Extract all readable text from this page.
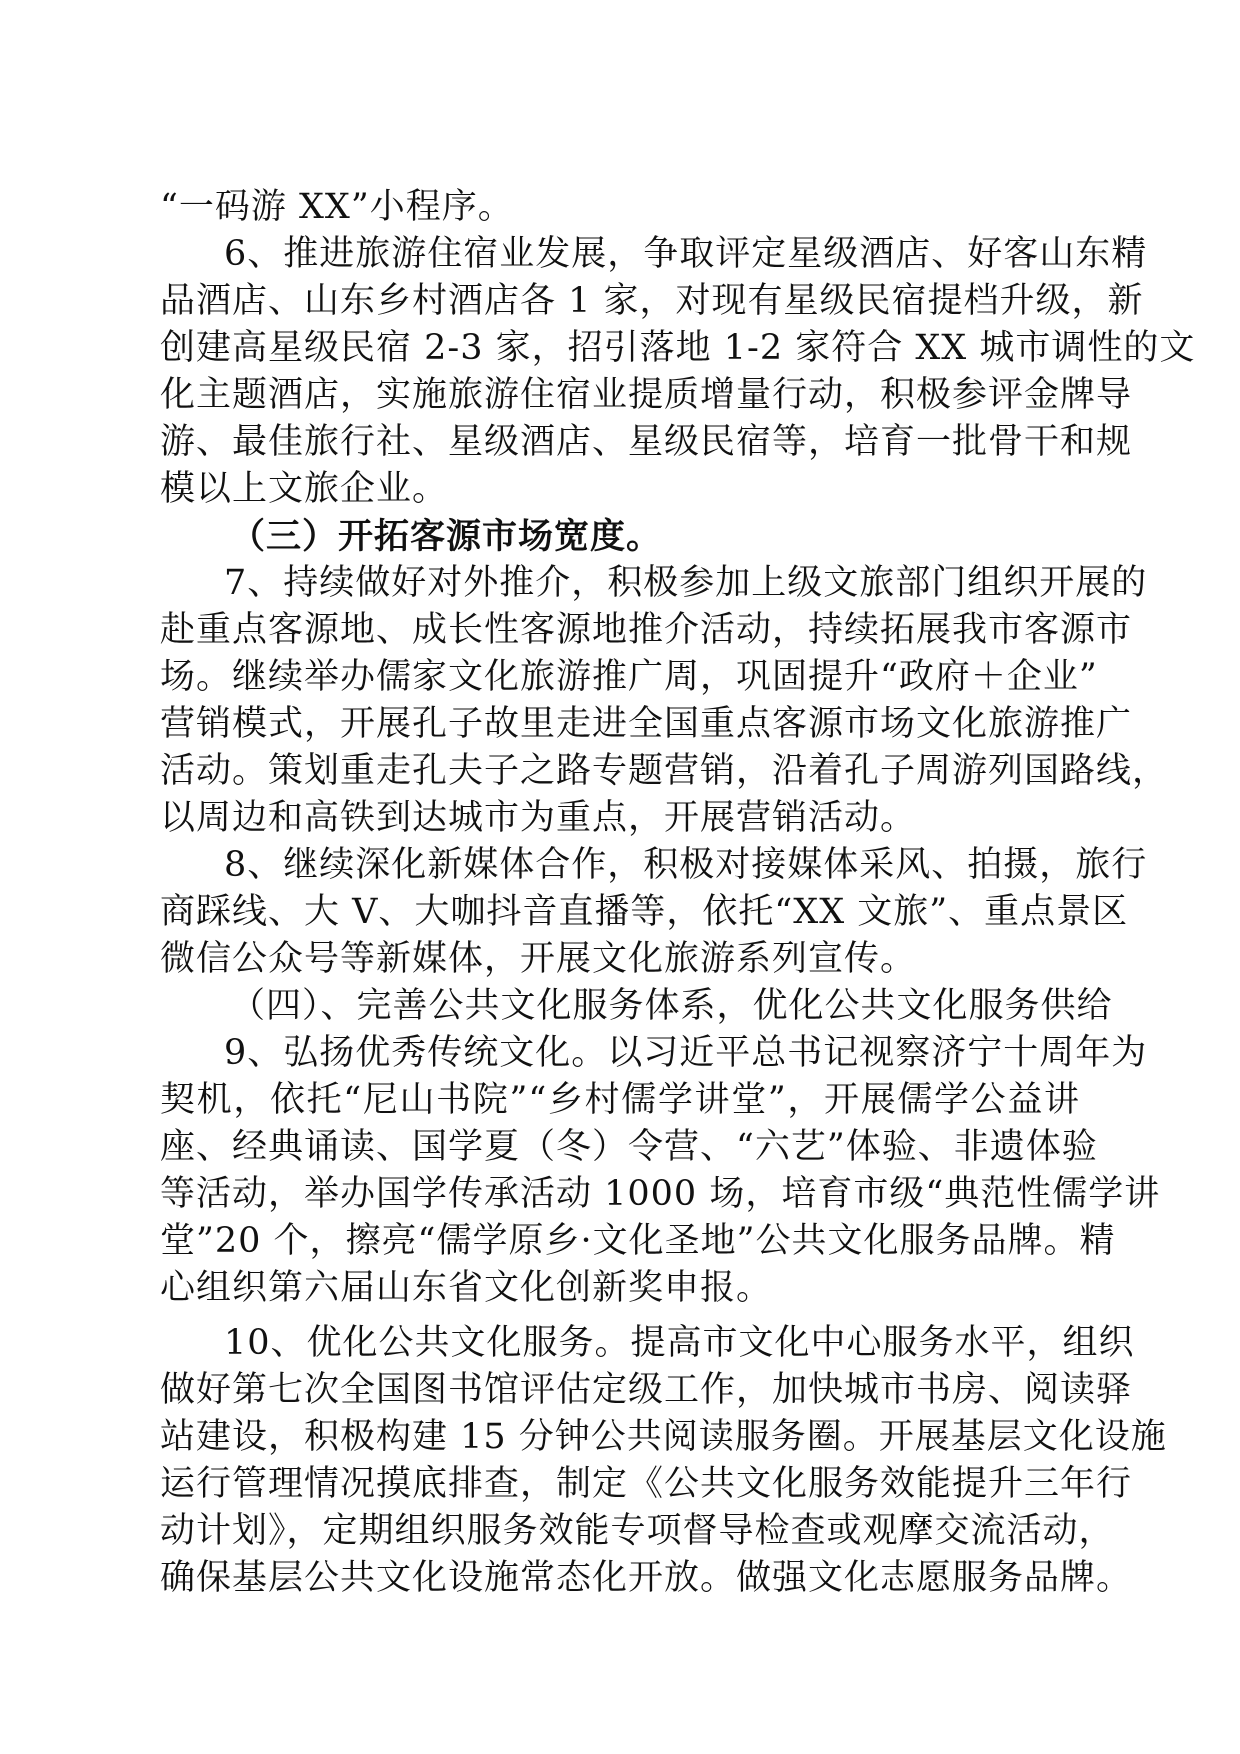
“一码游 XX”小程序。
6、推进旅游住宿业发展，争取评定星级酒店、好客山东精
品酒店、山东乡村酒店各 1 家，对现有星级民宿提档升级，新
创建高星级民宿 2-3 家，招引落地 1-2 家符合 XX 城市调性的文
化主题酒店，实施旅游住宿业提质增量行动，积极参评金牌导
游、最佳旅行社、星级酒店、星级民宿等，培育一批骨干和规
模以上文旅企业。
（三）开拓客源市场宽度。
7、持续做好对外推介，积极参加上级文旅部门组织开展的
赴重点客源地、成长性客源地推介活动，持续拓展我市客源市
场。继续举办儒家文化旅游推广周，巩固提升“政府＋企业”
营销模式，开展孔子故里走进全国重点客源市场文化旅游推广
活动。策划重走孔夫子之路专题营销，沿着孔子周游列国路线，
以周边和高铁到达城市为重点，开展营销活动。
8、继续深化新媒体合作，积极对接媒体采风、拍摄，旅行
商踩线、大 V、大咖抖音直播等，依托“XX 文旅”、重点景区
微信公众号等新媒体，开展文化旅游系列宣传。
（四）、完善公共文化服务体系，优化公共文化服务供给
9、弘扬优秀传统文化。以习近平总书记视察济宁十周年为
契机，依托“尼山书院”“乡村儒学讲堂”，开展儒学公益讲
座、经典诵读、国学夏（冬）令营、“六艺”体验、非遗体验
等活动，举办国学传承活动 1000 场，培育市级“典范性儒学讲
堂”20 个，擦亮“儒学原乡·文化圣地”公共文化服务品牌。精
心组织第六届山东省文化创新奖申报。
10、优化公共文化服务。提高市文化中心服务水平，组织
做好第七次全国图书馆评估定级工作，加快城市书房、阅读驿
站建设，积极构建 15 分钟公共阅读服务圈。开展基层文化设施
运行管理情况摸底排查，制定《公共文化服务效能提升三年行
动计划》，定期组织服务效能专项督导检查或观摩交流活动，
确保基层公共文化设施常态化开放。做强文化志愿服务品牌。
